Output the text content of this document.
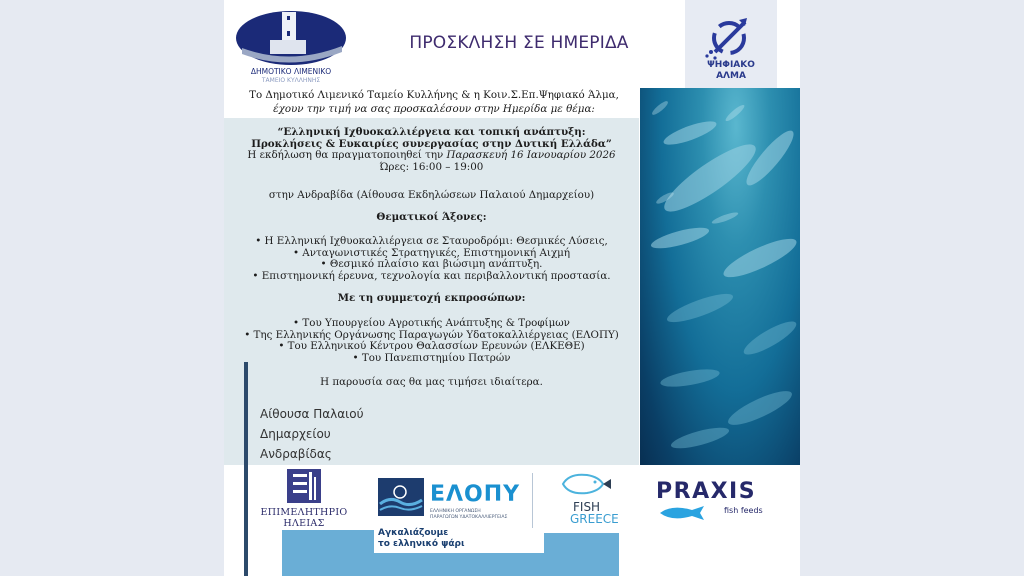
ΔΗΜΟΤΙΚΟ ΛΙΜΕΝΙΚΟ
ΤΑΜΕΙΟ ΚΥΛΛΗΝΗΣ
ΠΡΟΣΚΛΗΣΗ ΣΕ ΗΜΕΡΙΔΑ
ΨΗΦΙΑΚΟ
ΑΛΜΑ
Το Δημοτικό Λιμενικό Ταμείο Κυλλήνης & η Κοιν.Σ.Επ.Ψηφιακό Άλμα,
έχουν την τιμή να σας προσκαλέσουν στην Ημερίδα με θέμα:
“Ελληνική Ιχθυοκαλλιέργεια και τοπική ανάπτυξη:
Προκλήσεις & Ευκαιρίες συνεργασίας στην Δυτική Ελλάδα”
Η εκδήλωση θα πραγματοποιηθεί την Παρασκευή 16 Ιανουαρίου 2026
Ώρες: 16:00 – 19:00
στην Ανδραβίδα (Αίθουσα Εκδηλώσεων Παλαιού Δημαρχείου)
Θεματικοί Άξονες:
• Η Ελληνική Ιχθυοκαλλιέργεια σε Σταυροδρόμι: Θεσμικές Λύσεις,
• Ανταγωνιστικές Στρατηγικές, Επιστημονική Αιχμή
• Θεσμικό πλαίσιο και βιώσιμη ανάπτυξη.
• Επιστημονική έρευνα, τεχνολογία και περιβαλλοντική προστασία.
Με τη συμμετοχή εκπροσώπων:
• Του Υπουργείου Αγροτικής Ανάπτυξης & Τροφίμων
• Της Ελληνικής Οργάνωσης Παραγωγών Υδατοκαλλιέργειας (ΕΛΟΠΥ)
• Του Ελληνικού Κέντρου Θαλασσίων Ερευνών (ΕΛΚΕΘΕ)
• Του Πανεπιστημίου Πατρών
Η παρουσία σας θα μας τιμήσει ιδιαίτερα.
Αίθουσα Παλαιού
Δημαρχείου
Ανδραβίδας
ΕΠΙΜΕΛΗΤΗΡΙΟ
ΗΛΕΙΑΣ
ΕΛΟΠΥ
ΕΛΛΗΝΙΚΗ ΟΡΓΑΝΩΣΗ
ΠΑΡΑΓΩΓΩΝ ΥΔΑΤΟΚΑΛΛΙΕΡΓΕΙΑΣ
Αγκαλιάζουμε
το ελληνικό ψάρι
FISH
GREECE
PRAXIS
fish feeds
